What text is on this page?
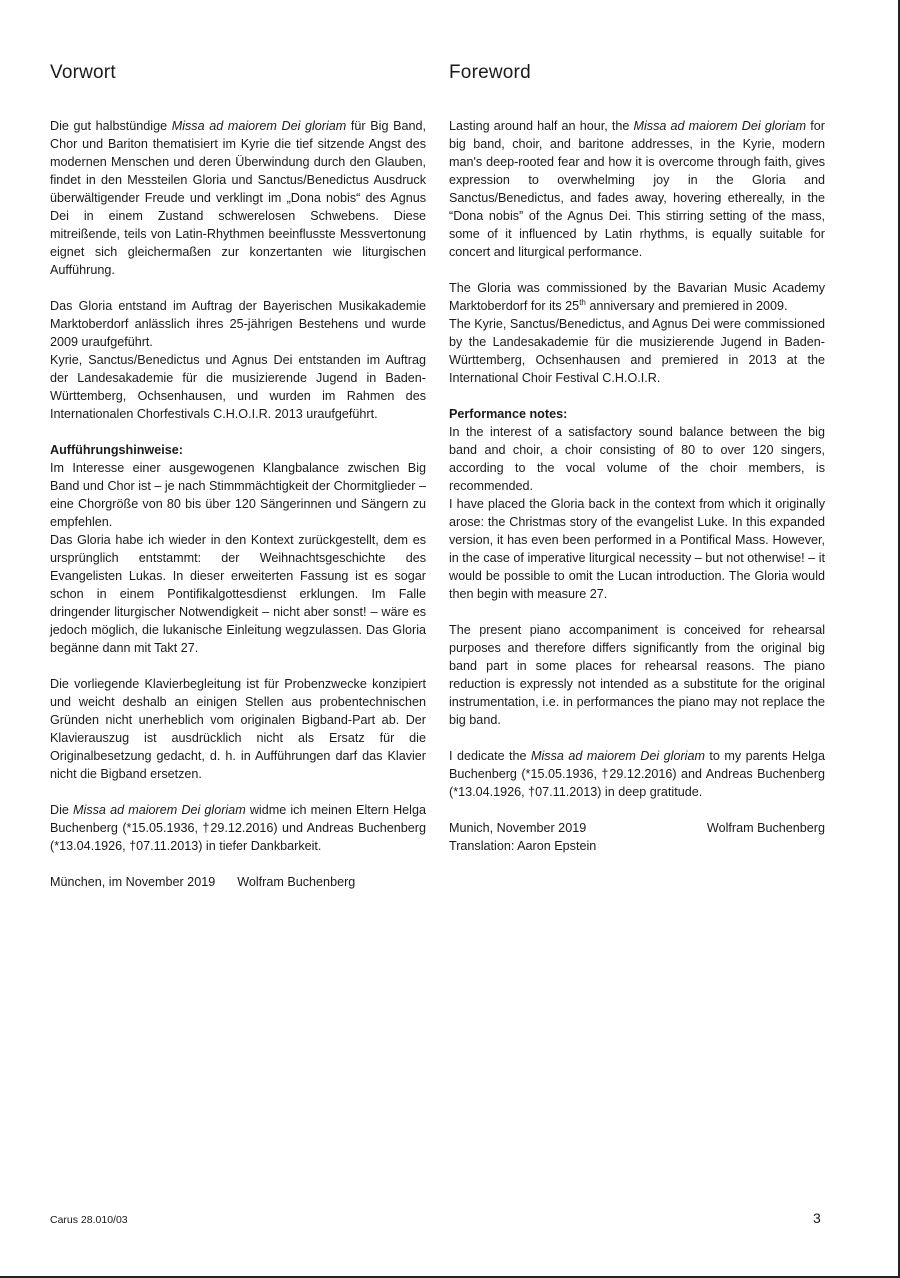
Vorwort

Die gut halbstündige Missa ad maiorem Dei gloriam für Big Band, Chor und Bariton thematisiert im Kyrie die tief sitzende Angst des modernen Menschen und deren Überwindung durch den Glauben, findet in den Messteilen Gloria und Sanctus/Benedictus Ausdruck überwältigender Freude und verklingt im „Dona nobis“ des Agnus Dei in einem Zustand schwerelosen Schwebens. Diese mitreißende, teils von Latin-Rhythmen beeinflusste Messvertonung eignet sich gleichermaßen zur konzertanten wie liturgischen Aufführung.

Das Gloria entstand im Auftrag der Bayerischen Musikakademie Marktoberdorf anlässlich ihres 25-jährigen Bestehens und wurde 2009 uraufgeführt.

Kyrie, Sanctus/Benedictus und Agnus Dei entstanden im Auftrag der Landesakademie für die musizierende Jugend in Baden-Württemberg, Ochsenhausen, und wurden im Rahmen des Internationalen Chorfestivals C.H.O.I.R. 2013 uraufgeführt.

Aufführungshinweise:

Im Interesse einer ausgewogenen Klangbalance zwischen Big Band und Chor ist – je nach Stimmmächtigkeit der Chormitglieder – eine Chorgröße von 80 bis über 120 Sängerinnen und Sängern zu empfehlen.

Das Gloria habe ich wieder in den Kontext zurückgestellt, dem es ursprünglich entstammt: der Weihnachtsgeschichte des Evangelisten Lukas. In dieser erweiterten Fassung ist es sogar schon in einem Pontifikalgottesdienst erklungen. Im Falle dringender liturgischer Notwendigkeit – nicht aber sonst! – wäre es jedoch möglich, die lukanische Einleitung wegzulassen. Das Gloria begänne dann mit Takt 27.

Die vorliegende Klavierbegleitung ist für Probenzwecke konzipiert und weicht deshalb an einigen Stellen aus probentechnischen Gründen nicht unerheblich vom originalen Bigband-Part ab. Der Klavierauszug ist ausdrücklich nicht als Ersatz für die Originalbesetzung gedacht, d. h. in Aufführungen darf das Klavier nicht die Bigband ersetzen.

Die Missa ad maiorem Dei gloriam widme ich meinen Eltern Helga Buchenberg (*15.05.1936, †29.12.2016) und Andreas Buchenberg (*13.04.1926, †07.11.2013) in tiefer Dankbarkeit.

München, im November 2019 Wolfram Buchenberg
Foreword

Lasting around half an hour, the Missa ad maiorem Dei gloriam for big band, choir, and baritone addresses, in the Kyrie, modern man's deep-rooted fear and how it is overcome through faith, gives expression to overwhelming joy in the Gloria and Sanctus/Benedictus, and fades away, hovering ethereally, in the “Dona nobis” of the Agnus Dei. This stirring setting of the mass, some of it influenced by Latin rhythms, is equally suitable for concert and liturgical performance.

The Gloria was commissioned by the Bavarian Music Academy Marktoberdorf for its 25th anniversary and premiered in 2009.

The Kyrie, Sanctus/Benedictus, and Agnus Dei were commissioned by the Landesakademie für die musizierende Jugend in Baden-Württemberg, Ochsenhausen and premiered in 2013 at the International Choir Festival C.H.O.I.R.

Performance notes:

In the interest of a satisfactory sound balance between the big band and choir, a choir consisting of 80 to over 120 singers, according to the vocal volume of the choir members, is recommended.

I have placed the Gloria back in the context from which it originally arose: the Christmas story of the evangelist Luke. In this expanded version, it has even been performed in a Pontifical Mass. However, in the case of imperative liturgical necessity – but not otherwise! – it would be possible to omit the Lucan introduction. The Gloria would then begin with measure 27.

The present piano accompaniment is conceived for rehearsal purposes and therefore differs significantly from the original big band part in some places for rehearsal reasons. The piano reduction is expressly not intended as a substitute for the original instrumentation, i.e. in performances the piano may not replace the big band.

I dedicate the Missa ad maiorem Dei gloriam to my parents Helga Buchenberg (*15.05.1936, †29.12.2016) and Andreas Buchenberg (*13.04.1926, †07.11.2013) in deep gratitude.

Munich, November 2019	Wolfram Buchenberg

Translation: Aaron Epstein

Carus 28.010/03	3
